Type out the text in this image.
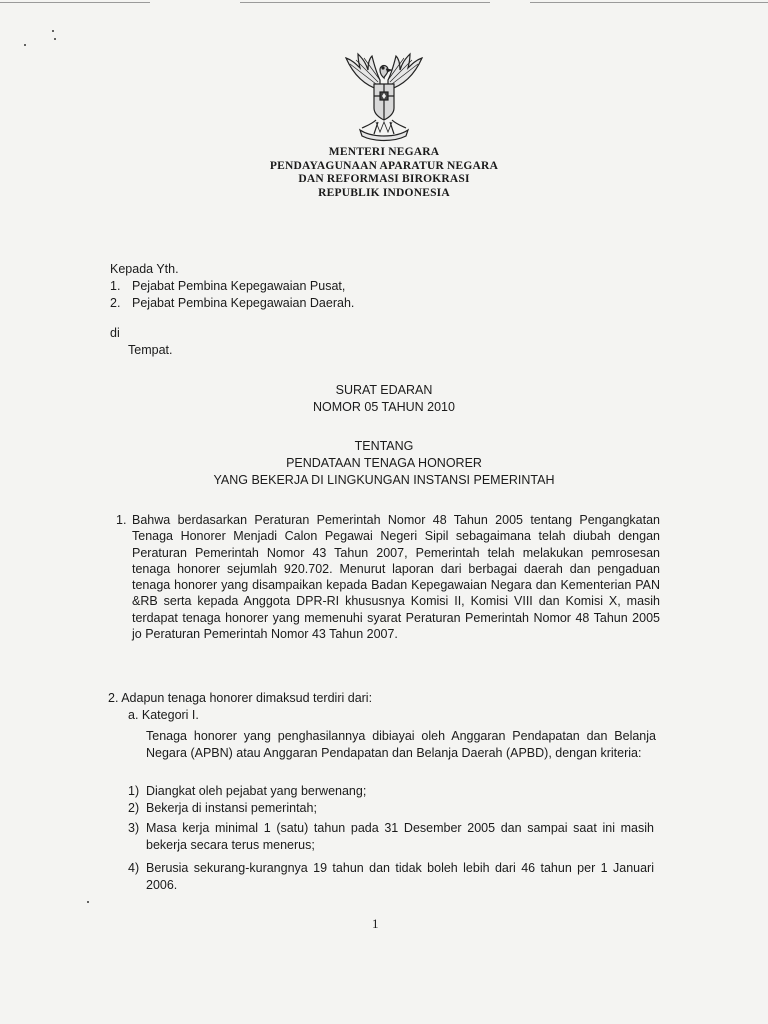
MENTERI NEGARA
PENDAYAGUNAAN APARATUR NEGARA
DAN REFORMASI BIROKRASI
REPUBLIK INDONESIA
Kepada Yth.
1. Pejabat Pembina Kepegawaian Pusat,
2. Pejabat Pembina Kepegawaian Daerah.
di
Tempat.
SURAT EDARAN
NOMOR 05 TAHUN 2010
TENTANG
PENDATAAN TENAGA HONORER
YANG BEKERJA DI LINGKUNGAN INSTANSI PEMERINTAH
1. Bahwa berdasarkan Peraturan Pemerintah Nomor 48 Tahun 2005 tentang Pengangkatan Tenaga Honorer Menjadi Calon Pegawai Negeri Sipil sebagaimana telah diubah dengan Peraturan Pemerintah Nomor 43 Tahun 2007, Pemerintah telah melakukan pemrosesan tenaga honorer sejumlah 920.702. Menurut laporan dari berbagai daerah dan pengaduan tenaga honorer yang disampaikan kepada Badan Kepegawaian Negara dan Kementerian PAN &RB serta kepada Anggota DPR-RI khususnya Komisi II, Komisi VIII dan Komisi X, masih terdapat tenaga honorer yang memenuhi syarat Peraturan Pemerintah Nomor 48 Tahun 2005 jo Peraturan Pemerintah Nomor 43 Tahun 2007.
2. Adapun tenaga honorer dimaksud terdiri dari:
a. Kategori I.
Tenaga honorer yang penghasilannya dibiayai oleh Anggaran Pendapatan dan Belanja Negara (APBN) atau Anggaran Pendapatan dan Belanja Daerah (APBD), dengan kriteria:
1) Diangkat oleh pejabat yang berwenang;
2) Bekerja di instansi pemerintah;
3) Masa kerja minimal 1 (satu) tahun pada 31 Desember 2005 dan sampai saat ini masih bekerja secara terus menerus;
4) Berusia sekurang-kurangnya 19 tahun dan tidak boleh lebih dari 46 tahun per 1 Januari 2006.
1
